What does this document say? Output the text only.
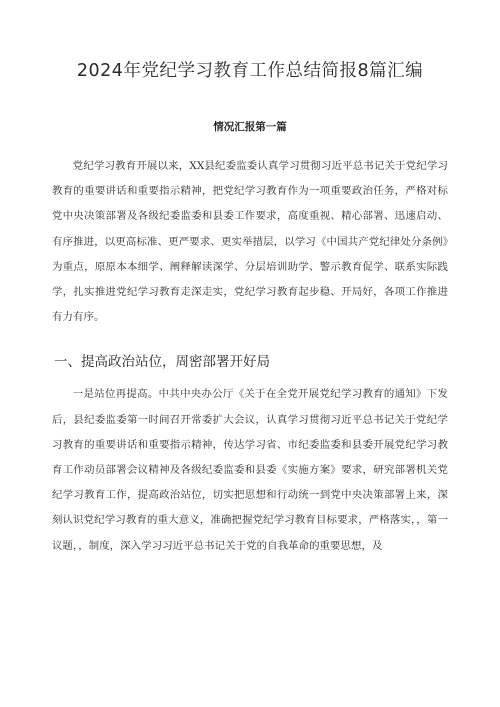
2024年党纪学习教育工作总结简报8篇汇编
情况汇报第一篇

党纪学习教育开展以来，XX县纪委监委认真学习贯彻习近平总书记关于党纪学习教育的重要讲话和重要指示精神，把党纪学习教育作为一项重要政治任务，严格对标党中央决策部署及各级纪委监委和县委工作要求，高度重视、精心部署、迅速启动、有序推进，以更高标准、更严要求、更实举措层，以学习《中国共产党纪律处分条例》为重点，原原本本细学、阐释解读深学、分层培训助学、警示教育促学、联系实际践学，扎实推进党纪学习教育走深走实，党纪学习教育起步稳、开局好，各项工作推进有力有序。

一、提高政治站位，周密部署开好局

一是站位再提高。中共中央办公厅《关于在全党开展党纪学习教育的通知》下发后，县纪委监委第一时间召开常委扩大会议，认真学习贯彻习近平总书记关于党纪学习教育的重要讲话和重要指示精神，传达学习省、市纪委监委和县委开展党纪学习教育工作动员部署会议精神及各级纪委监委和县委《实施方案》要求，研究部署机关党纪学习教育工作，提高政治站位，切实把思想和行动统一到党中央决策部署上来，深刻认识党纪学习教育的重大意义，准确把握党纪学习教育目标要求，严格落实，，第一议题，，制度，深入学习习近平总书记关于党的自我革命的重要思想，及
